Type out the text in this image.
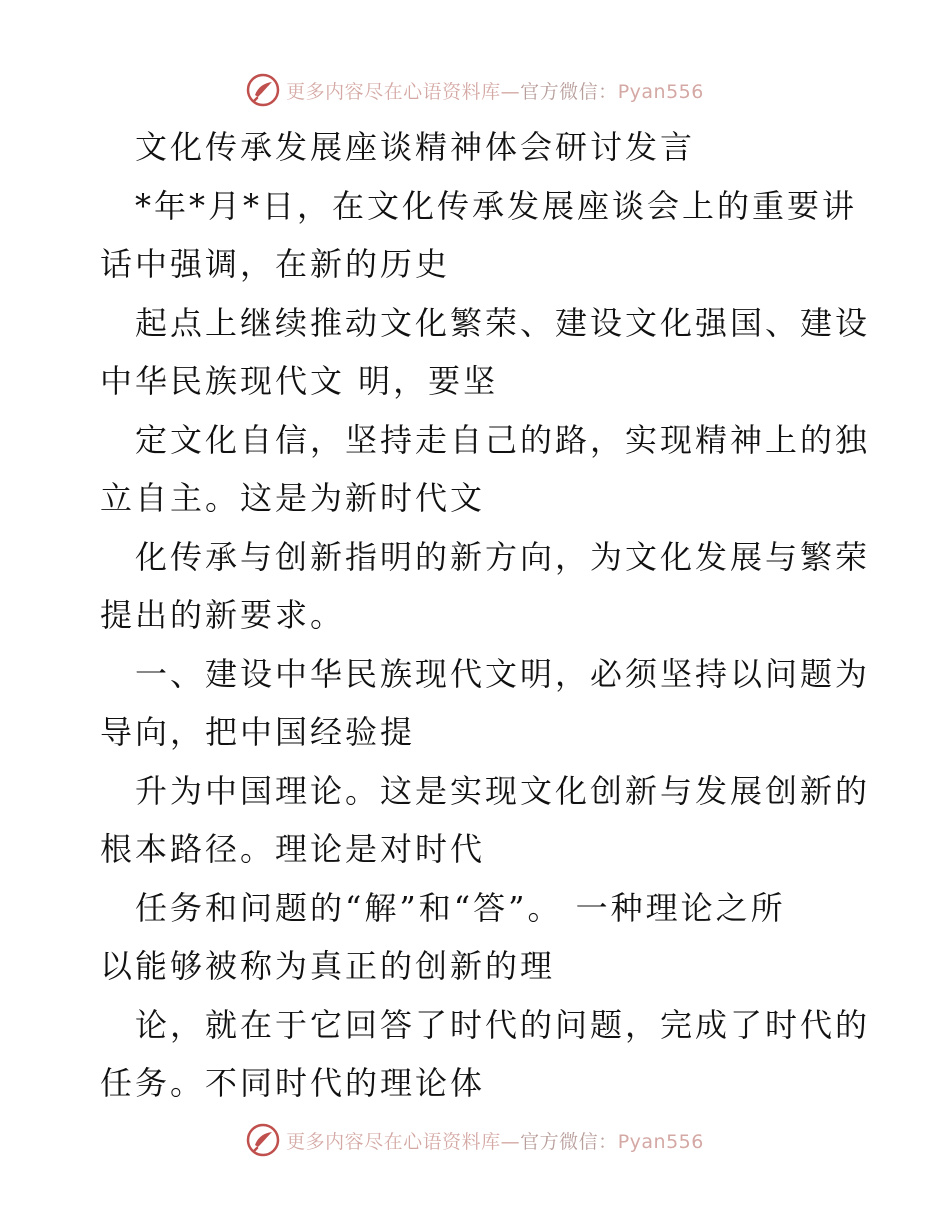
更多内容尽在心语资料库—官方微信：Pyan556
文化传承发展座谈精神体会研讨发言
*年*月*日，在文化传承发展座谈会上的重要讲
话中强调，在新的历史
起点上继续推动文化繁荣、建设文化强国、建设
中华民族现代文 明，要坚
定文化自信，坚持走自己的路，实现精神上的独
立自主。这是为新时代文
化传承与创新指明的新方向，为文化发展与繁荣
提出的新要求。
一、建设中华民族现代文明，必须坚持以问题为
导向，把中国经验提
升为中国理论。这是实现文化创新与发展创新的
根本路径。理论是对时代
任务和问题的“解”和“答”。 一种理论之所
以能够被称为真正的创新的理
论，就在于它回答了时代的问题，完成了时代的
任务。不同时代的理论体
更多内容尽在心语资料库—官方微信：Pyan556
